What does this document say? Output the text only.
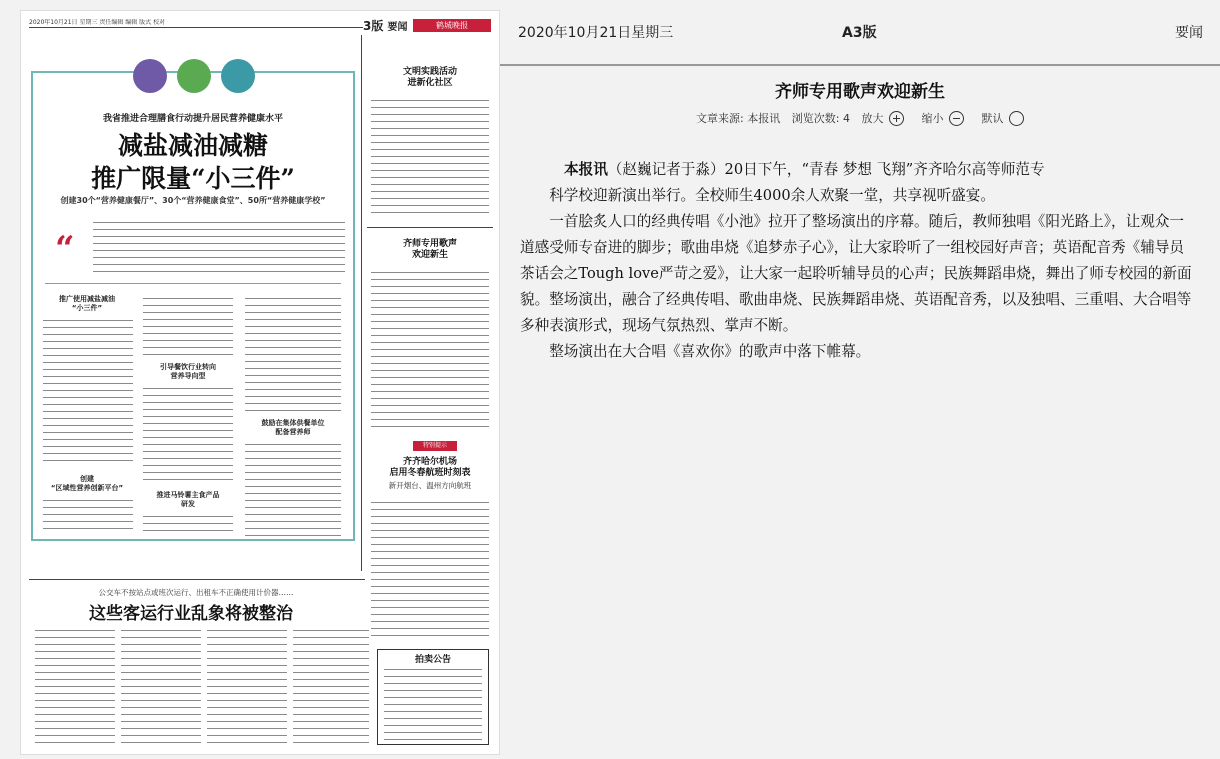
2020年10月21日 星期三 责任编辑 编辑 版式 校对	3版 要闻	鹤城晚报
我省推进合理膳食行动提升居民营养健康水平
减盐减油减糖
推广限量“小三件”
创建30个“营养健康餐厅”、30个“营养健康食堂”、50所“营养健康学校”
“
推广使用减盐减油
“小三件”
创建
“区域性营养创新平台”
引导餐饮行业转向
营养导向型
推进马铃薯主食产品
研发
鼓励在集体供餐单位
配备营养师
文明实践活动
进新化社区
齐师专用歌声
欢迎新生
特别提示
齐齐哈尔机场
启用冬春航班时刻表
新开烟台、温州方向航班
公交车不按站点或班次运行、出租车不正确使用计价器……
这些客运行业乱象将被整治
拍卖公告
2020年10月21日星期三	A3版	要闻
齐师专用歌声欢迎新生
文章来源: 本报讯 浏览次数: 4 放大	缩小	默认

本报讯（赵巍记者于淼）20日下午，“青春 梦想 飞翔”齐齐哈尔高等师范专

科学校迎新演出举行。全校师生4000余人欢聚一堂，共享视听盛宴。

一首脍炙人口的经典传唱《小池》拉开了整场演出的序幕。随后，教师独唱《阳光路上》，让观众一道感受师专奋进的脚步；歌曲串烧《追梦赤子心》，让大家聆听了一组校园好声音；英语配音秀《辅导员茶话会之Tough love严苛之爱》，让大家一起聆听辅导员的心声；民族舞蹈串烧，舞出了师专校园的新面貌。整场演出，融合了经典传唱、歌曲串烧、民族舞蹈串烧、英语配音秀，以及独唱、三重唱、大合唱等多种表演形式，现场气氛热烈、掌声不断。

整场演出在大合唱《喜欢你》的歌声中落下帷幕。
